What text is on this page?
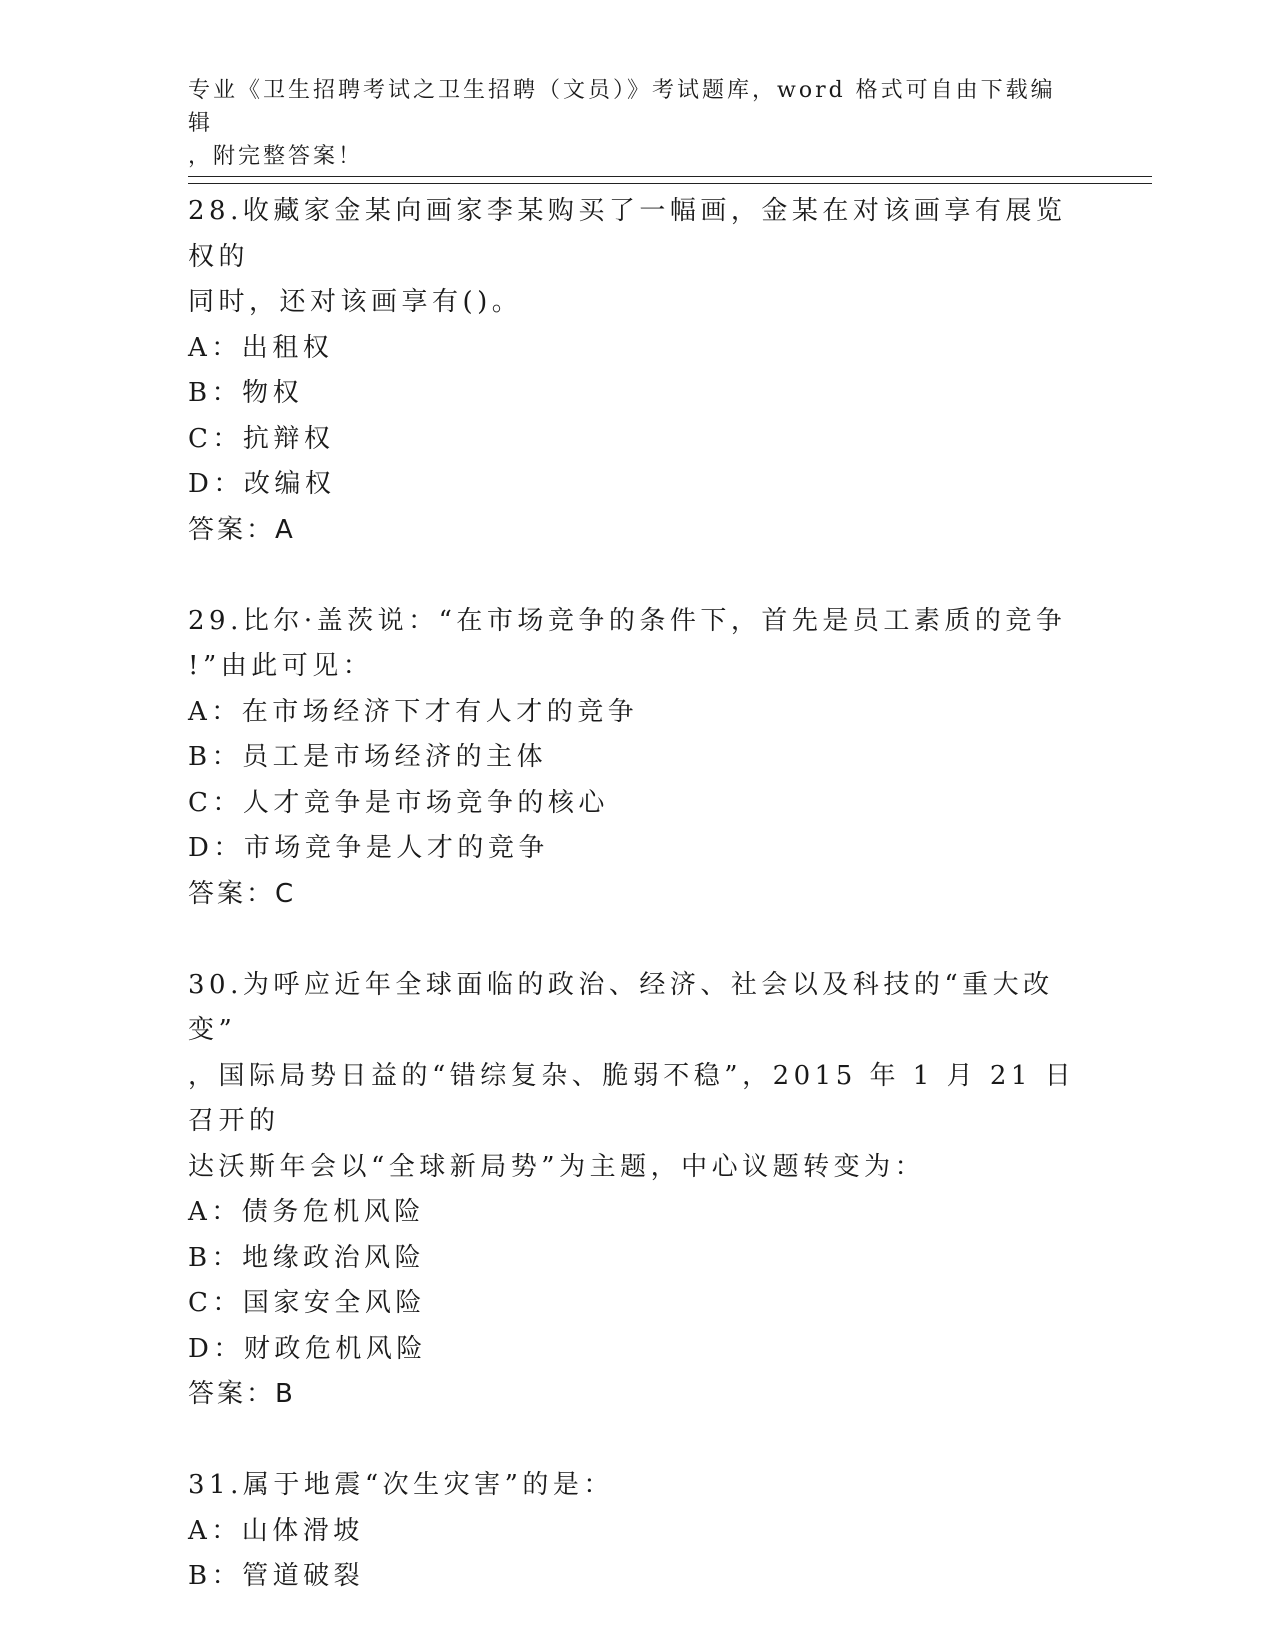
专业《卫生招聘考试之卫生招聘（文员）》考试题库，word 格式可自由下载编辑
，附完整答案！
28.收藏家金某向画家李某购买了一幅画，金某在对该画享有展览权的
同时，还对该画享有()。
A：出租权
B：物权
C：抗辩权
D：改编权
答案：A
29.比尔·盖茨说：“在市场竞争的条件下，首先是员工素质的竞争
!”由此可见：
A：在市场经济下才有人才的竞争
B：员工是市场经济的主体
C：人才竞争是市场竞争的核心
D：市场竞争是人才的竞争
答案：C
30.为呼应近年全球面临的政治、经济、社会以及科技的“重大改变”
，国际局势日益的“错综复杂、脆弱不稳”，2015 年 1 月 21 日召开的
达沃斯年会以“全球新局势”为主题，中心议题转变为：
A：债务危机风险
B：地缘政治风险
C：国家安全风险
D：财政危机风险
答案：B
31.属于地震“次生灾害”的是：
A：山体滑坡
B：管道破裂
